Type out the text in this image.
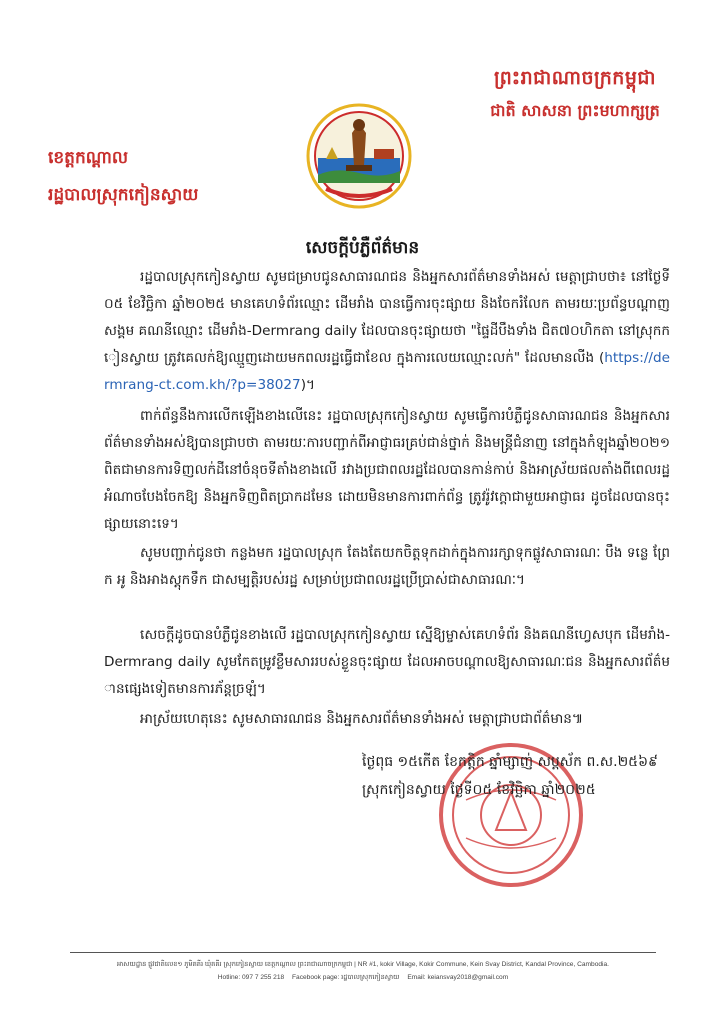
ព្រះរាជាណាចក្រកម្ពុជា
ជាតិ សាសនា ព្រះមហាក្សត្រ
ខេត្តកណ្ដាល
រដ្ឋបាលស្រុកកៀនស្វាយ
សេចក្ដីបំភ្លឺព័ត៌មាន
រដ្ឋបាលស្រុកកៀនស្វាយ សូមជម្រាបជូនសាធារណជន និងអ្នកសារព័ត៌មានទាំងអស់ មេត្តាជ្រាបថា៖ នៅថ្ងៃទី០៥ ខែវិច្ឆិកា ឆ្នាំ២០២៥ មានគេហទំព័រឈ្មោះ ដើមរាំង បានធ្វើការចុះផ្សាយ និងចែករំលែក តាមរយៈប្រព័ន្ធបណ្ដាញសង្គម គណនីឈ្មោះ ដើមរាំង-Dermrang daily ដែលបានចុះផ្សាយថា "ផ្ទៃដីបឹងទាំង ជិត៧០ហិកតា នៅស្រុកកៀនស្វាយ ត្រូវគេលក់ឱ្យឈ្មួញដោយមកពលរដ្ឋធ្វើជាខែល ក្នុងការលេយឈ្មោះលក់" ដែលមានលីង (https://dermrang-ct.com.kh/?p=38027)។
ពាក់ព័ន្ធនឹងការលើកឡើងខាងលើនេះ រដ្ឋបាលស្រុកកៀនស្វាយ សូមធ្វើការបំភ្លឺជូនសាធារណជន និងអ្នកសារព័ត៌មានទាំងអស់ឱ្យបានជ្រាបថា តាមរយៈការបញ្ជាក់ពីអាជ្ញាធរគ្រប់ជាន់ថ្នាក់ និងមន្ត្រីជំនាញ នៅក្នុងកំឡុងឆ្នាំ២០២១ ពិតជាមានការទិញលក់ដីនៅចំនុចទីតាំងខាងលើ រវាងប្រជាពលរដ្ឋដែលបានកាន់កាប់ និងអាស្រ័យផលតាំងពីពេលរដ្ឋអំណាចបែងចែកឱ្យ និងអ្នកទិញពិតប្រាកដមែន ដោយមិនមានការពាក់ព័ន្ធ ត្រូវរ៉ូវក្ដោជាមួយអាជ្ញាធរ ដូចដែលបានចុះផ្សាយនោះទេ។
សូមបញ្ជាក់ជូនថា កន្លងមក រដ្ឋបាលស្រុក តែងតែយកចិត្តទុកដាក់ក្នុងការរក្សាទុកផ្លូវសាធារណៈ បឹង ទន្លេ ព្រែក អូ និងអាងស្តុកទឹក ជាសម្បត្តិរបស់រដ្ឋ សម្រាប់ប្រជាពលរដ្ឋប្រើប្រាស់ជាសាធារណៈ។
សេចក្ដីដូចបានបំភ្លឺជូនខាងលើ រដ្ឋបាលស្រុកកៀនស្វាយ ស្នើឱ្យម្ចាស់គេហទំព័រ និងគណនីហ្វេសបុក ដើមរាំង-Dermrang daily សូមកែតម្រូវខ្លឹមសាររបស់ខ្លួនចុះផ្សាយ ដែលអាចបណ្ដាលឱ្យសាធារណៈជន និងអ្នកសារព័ត៌មានផ្សេងទៀតមានការភ័ន្តច្រឡំ។
អាស្រ័យហេតុនេះ សូមសាធារណជន និងអ្នកសារព័ត៌មានទាំងអស់ មេត្តាជ្រាបជាព័ត៌មាន៕
ថ្ងៃពុធ ១៥កើត ខែកត្តិក ឆ្នាំម្សាញ់ សប្តស័ក ព.ស.២៥៦៩
ស្រុកកៀនស្វាយ ថ្ងៃទី០៥ ខែវិច្ឆិកា ឆ្នាំ២០២៥
អាសយដ្ឋាន ផ្លូវជាតិលេខ១ ភូមិគគីរ ឃុំគគីរ ស្រុកកៀនស្វាយ ខេត្តកណ្ដាល ព្រះរាជាណាចក្រកម្ពុជា | NR #1, kokir Village, Kokir Commune, Kein Svay District, Kandal Province, Cambodia.
Hotline: 097 7 255 218 Facebook page: រដ្ឋបាលស្រុកកៀនស្វាយ Email: keiansvay2018@gmail.com
